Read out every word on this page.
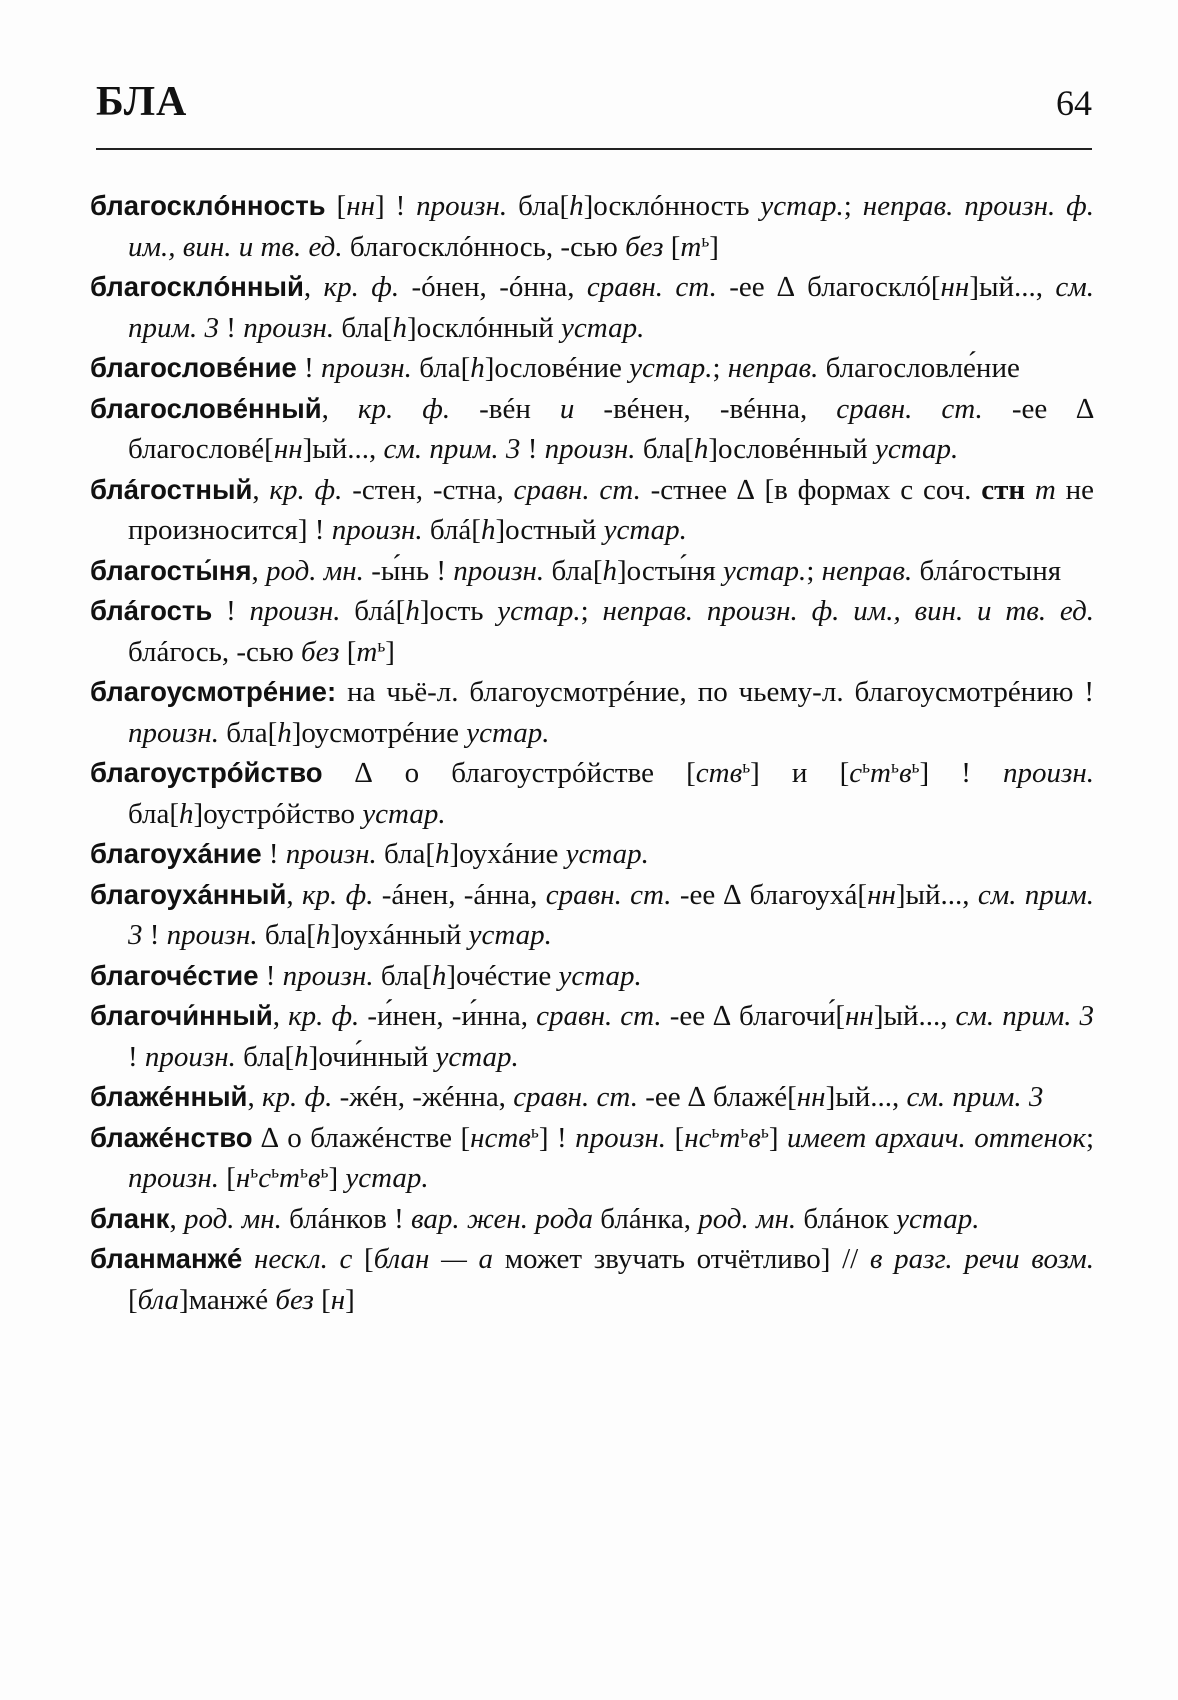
БЛА	64
благосклóнность [нн] ! произн. бла[h]осклóнность устар.; неправ. произн. ф. им., вин. и тв. ед. благосклóннось, -сью без $[т^ь]$
благосклóнный, кр. ф. -óнен, -óнна, сравн. ст. -ее ∆ благосклó[нн]ый..., см. прим. 3 ! произн. бла[h]осклóнный устар.
благословéние ! произн. бла[h]ословéние устар.; неправ. благословле́ние
благословéнный, кр. ф. -вéн и -вéнен, -вéнна, сравн. ст. -ее ∆ благословé[нн]ый..., см. прим. 3 ! произн. бла[h]ословéнный устар.
блáгостный, кр. ф. -стен, -стна, сравн. ст. -стнее ∆ [в формах с соч. стн т не произносится] ! произн. блá[h]остный устар.
благосты́ня, род. мн. -ы́нь ! произн. бла[h]осты́ня устар.; неправ. блáгостыня
блáгость ! произн. блá[h]ость устар.; неправ. произн. ф. им., вин. и тв. ед. блáгось, -сью без $[т^ь]$
благоусмотрéние: на чьё-л. благоусмотрéние, по чьему-л. благоусмотрéнию ! произн. бла[h]оусмотрéние устар.
благоустрóйство ∆ о благоустрóйстве [ств$^ь$] и $[с^ьт^ьв^ь]$ ! произн. бла[h]оустрóйство устар.
благоухáние ! произн. бла[h]оухáние устар.
благоухáнный, кр. ф. -áнен, -áнна, сравн. ст. -ее ∆ благоухá[нн]ый..., см. прим. 3 ! произн. бла[h]оухáнный устар.
благочéстие ! произн. бла[h]очéстие устар.
благочи́нный, кр. ф. -и́нен, -и́нна, сравн. ст. -ее ∆ благочи́[нн]ый..., см. прим. 3 ! произн. бла[h]очи́нный устар.
блажéнный, кр. ф. -жéн, -жéнна, сравн. ст. -ее ∆ блажé[нн]ый..., см. прим. 3
блажéнство ∆ о блажéнстве [нств$^ь$] ! произн. $[нс^ьт^ьв^ь]$ имеет архаич. оттенок; произн. $[н^ьс^ьт^ьв^ь]$ устар.
бланк, род. мн. блáнков ! вар. жен. рода блáнка, род. мн. блáнок устар.
бланманжé нескл. с [блан — а может звучать отчётливо] // в разг. речи возм. [бла]манжé без [н]
